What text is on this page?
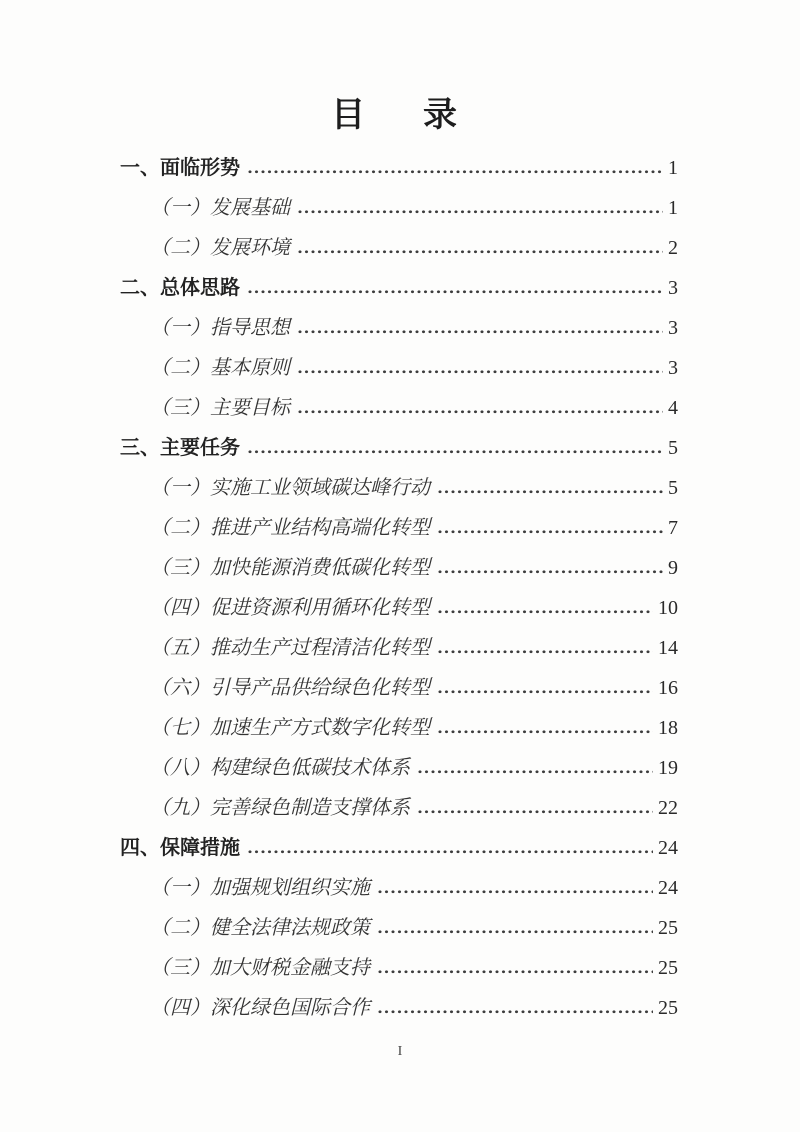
目　录
一、面临形势	1
（一）发展基础	1
（二）发展环境	2
二、总体思路	3
（一）指导思想	3
（二）基本原则	3
（三）主要目标	4
三、主要任务	5
（一）实施工业领域碳达峰行动	5
（二）推进产业结构高端化转型	7
（三）加快能源消费低碳化转型	9
（四）促进资源利用循环化转型	10
（五）推动生产过程清洁化转型	14
（六）引导产品供给绿色化转型	16
（七）加速生产方式数字化转型	18
（八）构建绿色低碳技术体系	19
（九）完善绿色制造支撑体系	22
四、保障措施	24
（一）加强规划组织实施	24
（二）健全法律法规政策	25
（三）加大财税金融支持	25
（四）深化绿色国际合作	25
I
